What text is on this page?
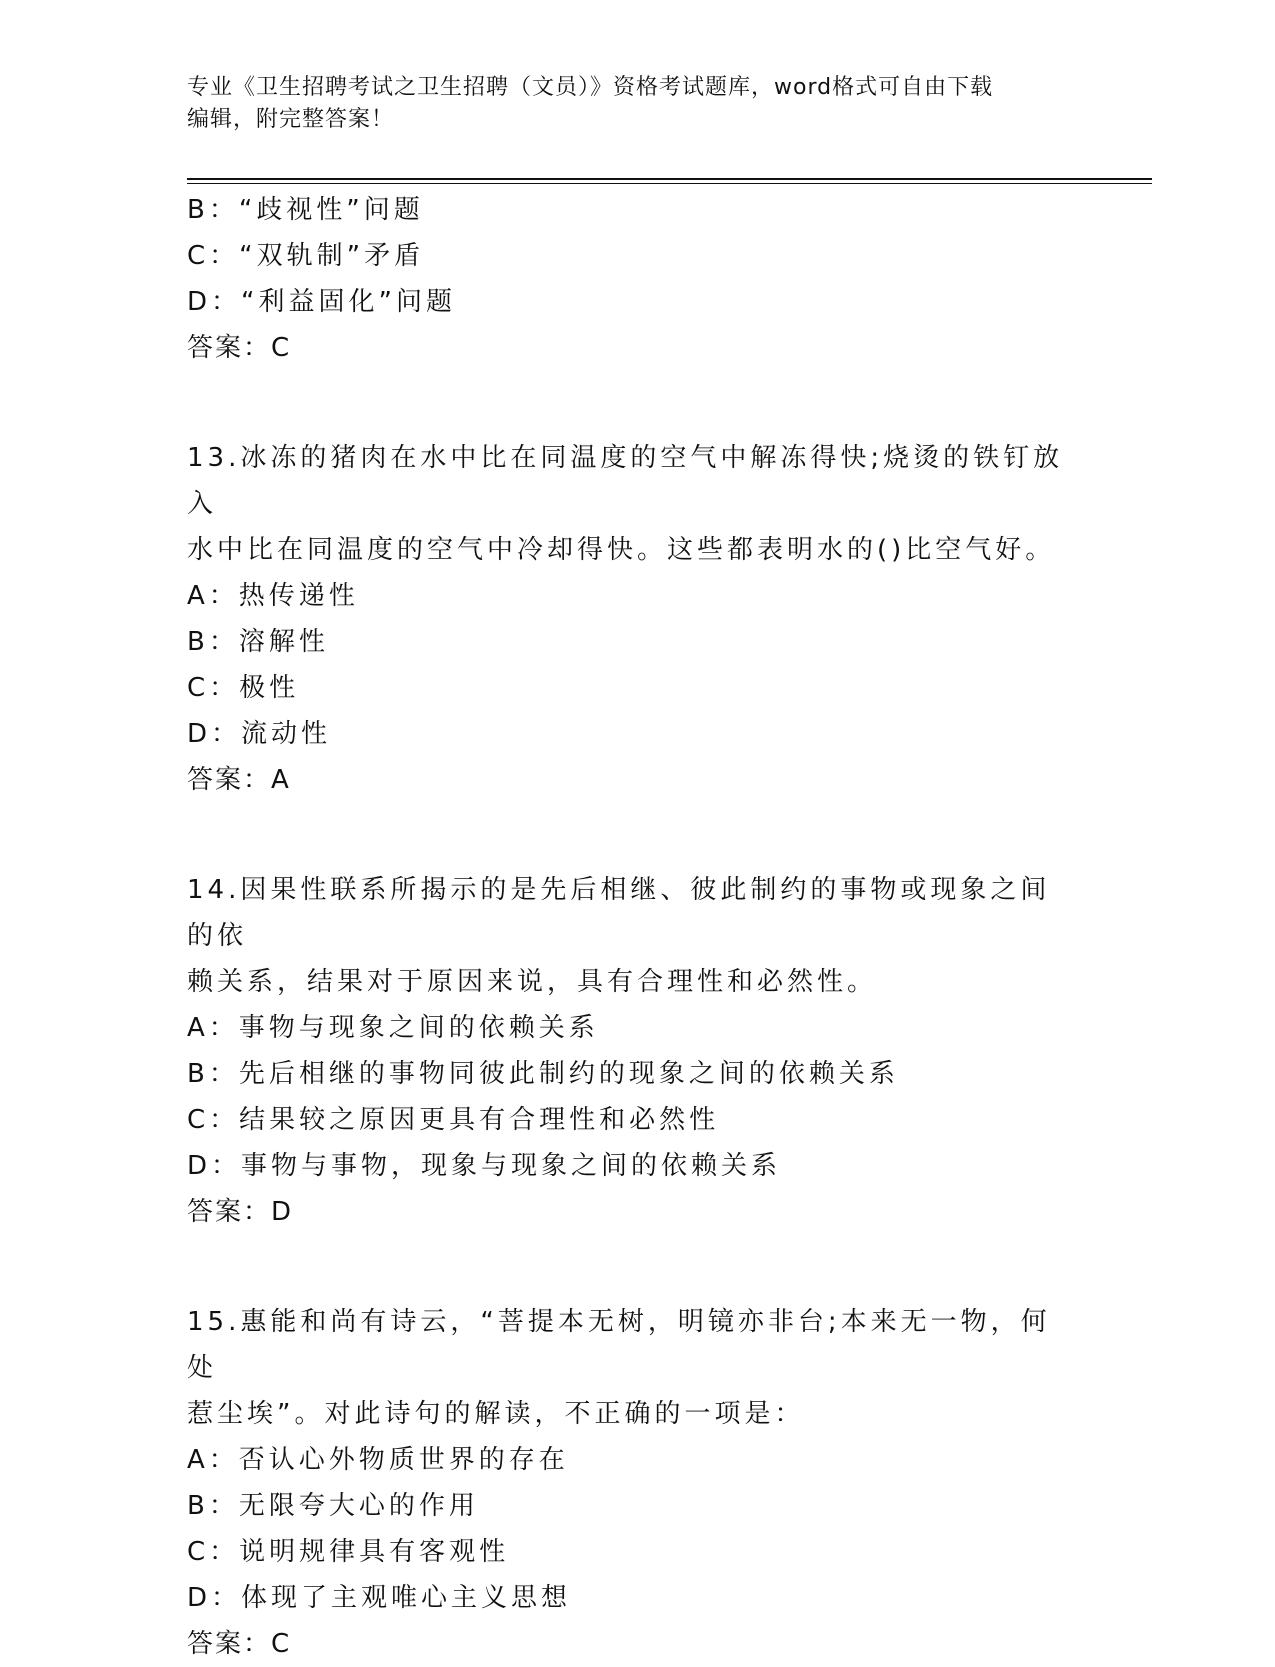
专业《卫生招聘考试之卫生招聘（文员）》资格考试题库，word格式可自由下载
编辑，附完整答案！
B：“歧视性”问题
C：“双轨制”矛盾
D：“利益固化”问题
答案：C
13.冰冻的猪肉在水中比在同温度的空气中解冻得快;烧烫的铁钉放入
水中比在同温度的空气中冷却得快。这些都表明水的()比空气好。
A：热传递性
B：溶解性
C：极性
D：流动性
答案：A
14.因果性联系所揭示的是先后相继、彼此制约的事物或现象之间的依
赖关系，结果对于原因来说，具有合理性和必然性。
A：事物与现象之间的依赖关系
B：先后相继的事物同彼此制约的现象之间的依赖关系
C：结果较之原因更具有合理性和必然性
D：事物与事物，现象与现象之间的依赖关系
答案：D
15.惠能和尚有诗云，“菩提本无树，明镜亦非台;本来无一物，何处
惹尘埃”。对此诗句的解读，不正确的一项是：
A：否认心外物质世界的存在
B：无限夸大心的作用
C：说明规律具有客观性
D：体现了主观唯心主义思想
答案：C
